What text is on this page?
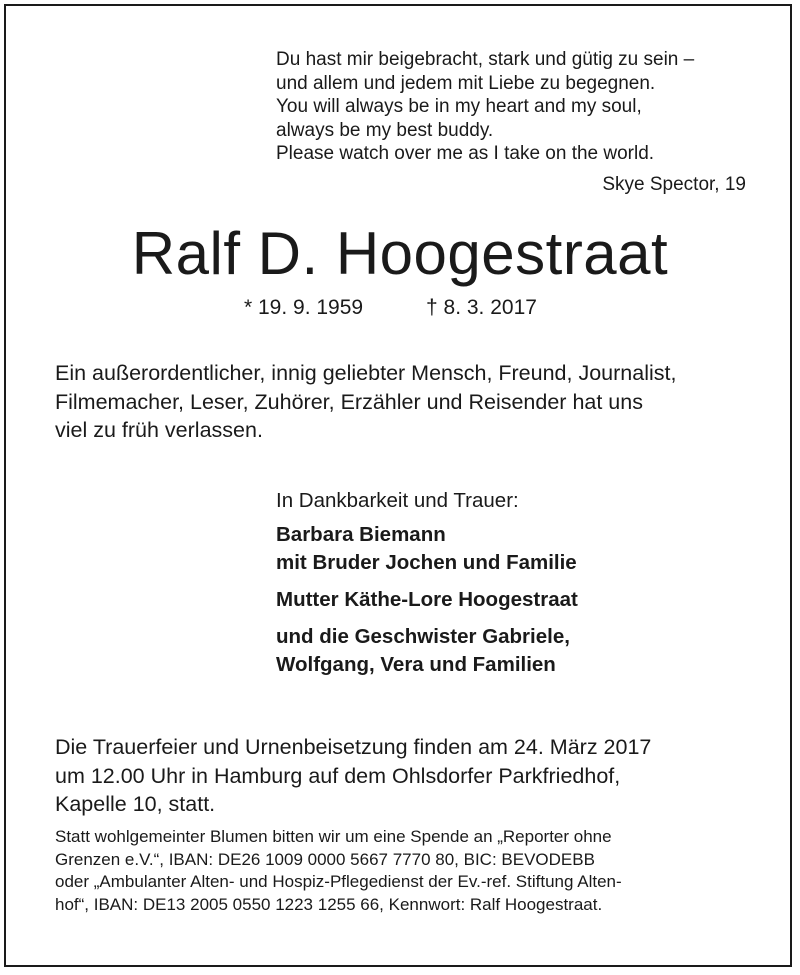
Du hast mir beigebracht, stark und gütig zu sein –
und allem und jedem mit Liebe zu begegnen.
You will always be in my heart and my soul,
always be my best buddy.
Please watch over me as I take on the world.
Skye Spector, 19
Ralf D. Hoogestraat
* 19. 9. 1959	† 8. 3. 2017
Ein außerordentlicher, innig geliebter Mensch, Freund, Journalist,
Filmemacher, Leser, Zuhörer, Erzähler und Reisender hat uns
viel zu früh verlassen.
In Dankbarkeit und Trauer:
Barbara Biemann
mit Bruder Jochen und Familie
Mutter Käthe-Lore Hoogestraat
und die Geschwister Gabriele,
Wolfgang, Vera und Familien
Die Trauerfeier und Urnenbeisetzung finden am 24. März 2017
um 12.00 Uhr in Hamburg auf dem Ohlsdorfer Parkfriedhof,
Kapelle 10, statt.
Statt wohlgemeinter Blumen bitten wir um eine Spende an „Reporter ohne
Grenzen e.V.“, IBAN: DE26 1009 0000 5667 7770 80, BIC: BEVODEBB
oder „Ambulanter Alten- und Hospiz-Pflegedienst der Ev.-ref. Stiftung Alten-
hof“, IBAN: DE13 2005 0550 1223 1255 66, Kennwort: Ralf Hoogestraat.
